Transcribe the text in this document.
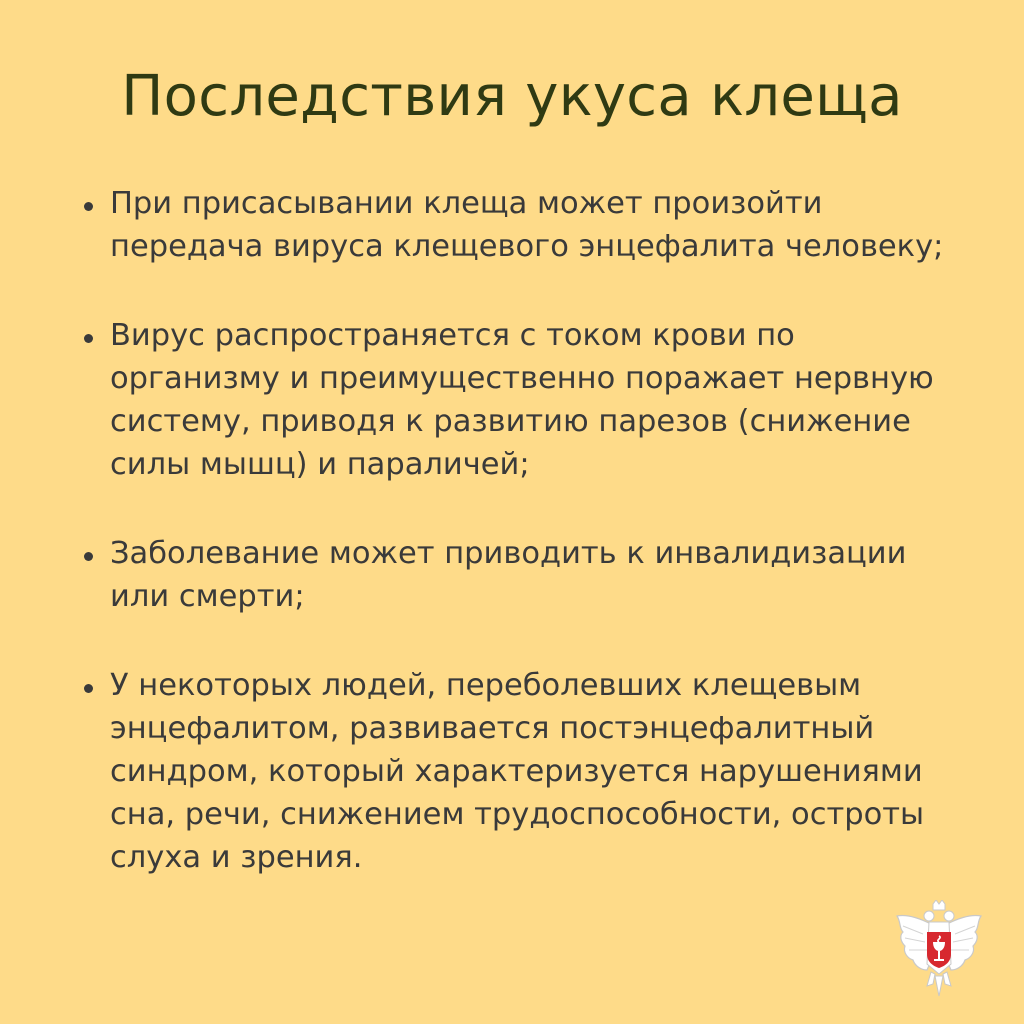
Последствия укуса клеща

При присасывании клеща может произойти
передача вируса клещевого энцефалита человеку;

Вирус распространяется с током крови по
организму и преимущественно поражает нервную
систему, приводя к развитию парезов (снижение
силы мышц) и параличей;

Заболевание может приводить к инвалидизации
или смерти;

У некоторых людей, переболевших клещевым
энцефалитом, развивается постэнцефалитный
синдром, который характеризуется нарушениями
сна, речи, снижением трудоспособности, остроты
слуха и зрения.
